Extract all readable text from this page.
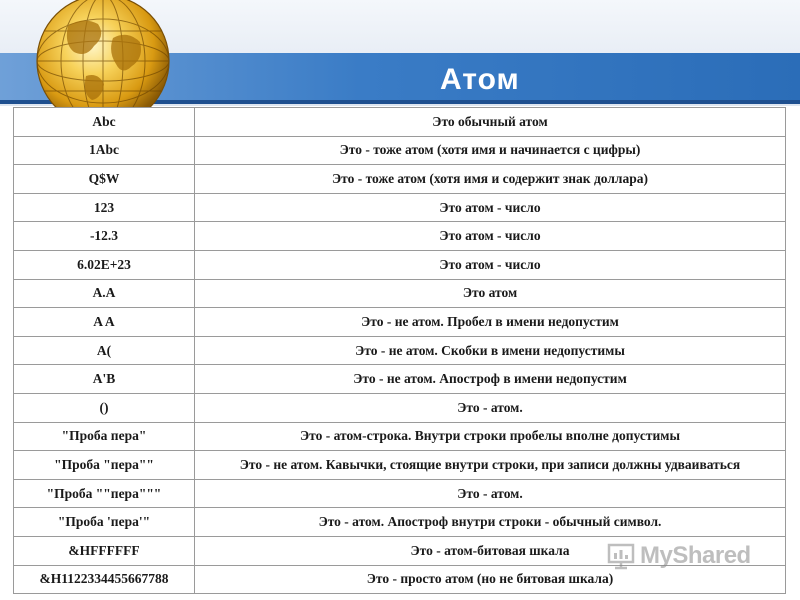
Атом
Abc	Это обычный атом
1Abc	Это - тоже атом (хотя имя и начинается с цифры)
Q$W	Это - тоже атом (хотя имя и содержит знак доллара)
123	Это атом - число
-12.3	Это атом - число
6.02E+23	Это атом - число
A.A	Это атом
A A	Это - не атом. Пробел в имени недопустим
A(	Это - не атом. Скобки в имени недопустимы
A'B	Это - не атом. Апостроф в имени недопустим
()	Это - атом.
"Проба пера"	Это - атом-строка. Внутри строки пробелы вполне допустимы
"Проба "пера""	Это - не атом. Кавычки, стоящие внутри строки, при записи должны удваиваться
"Проба ""пера"""	Это - атом.
"Проба 'пера'"	Это - атом. Апостроф внутри строки - обычный символ.
&HFFFFFF	Это - атом-битовая шкала
&H1122334455667788	Это - просто атом (но не битовая шкала)
MyShared
